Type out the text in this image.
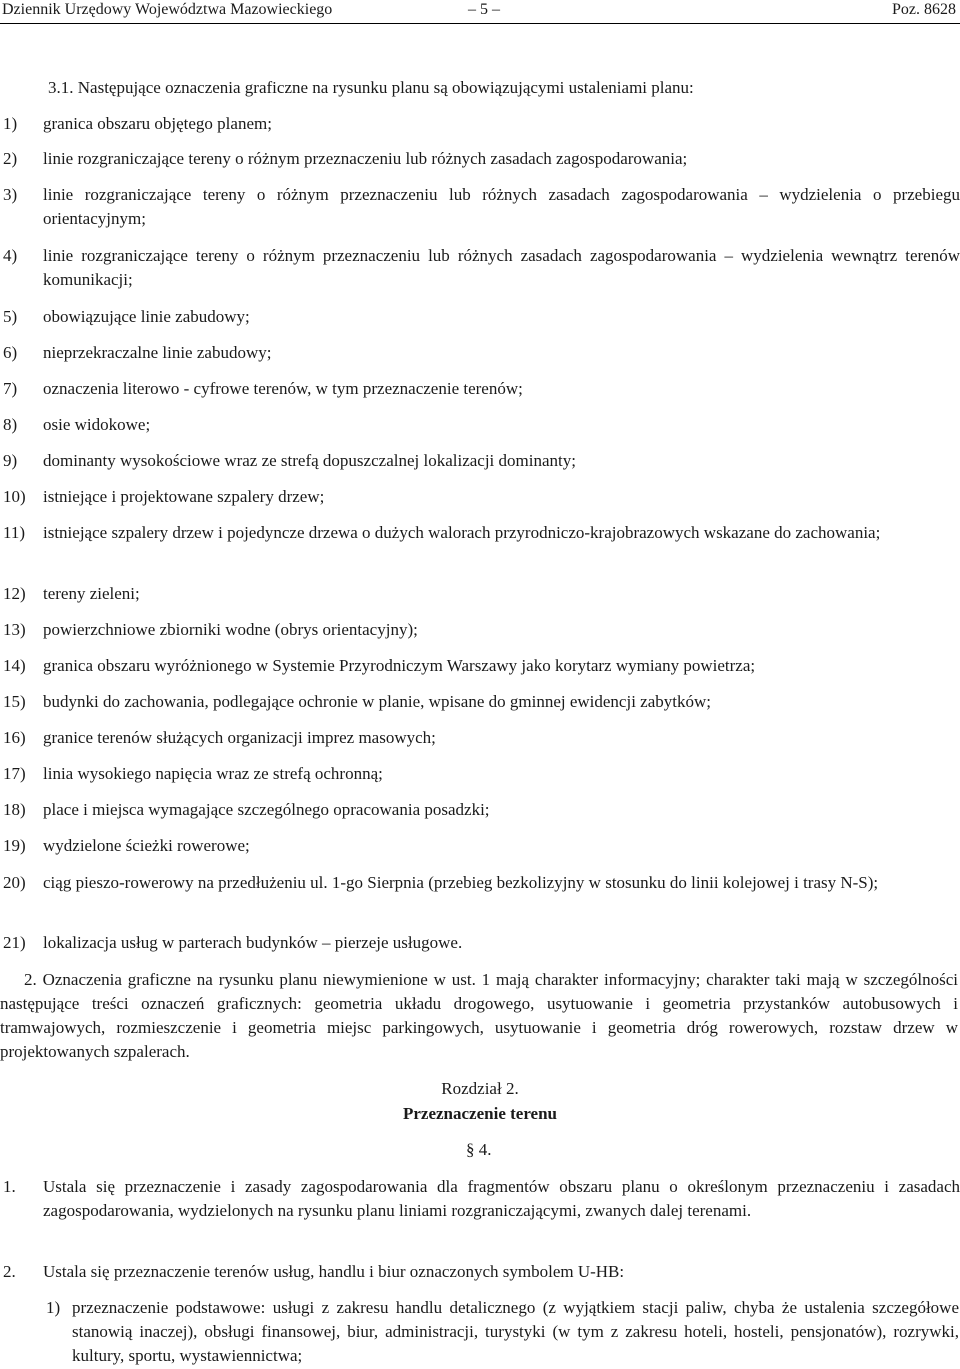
Dziennik Urzędowy Województwa Mazowieckiego	– 5 –	Poz. 8628
3.1. Następujące oznaczenia graficzne na rysunku planu są obowiązującymi ustaleniami planu:
1) granica obszaru objętego planem;
2) linie rozgraniczające tereny o różnym przeznaczeniu lub różnych zasadach zagospodarowania;
3) linie rozgraniczające tereny o różnym przeznaczeniu lub różnych zasadach zagospodarowania – wydzielenia o przebiegu orientacyjnym;
4) linie rozgraniczające tereny o różnym przeznaczeniu lub różnych zasadach zagospodarowania – wydzielenia wewnątrz terenów komunikacji;
5) obowiązujące linie zabudowy;
6) nieprzekraczalne linie zabudowy;
7) oznaczenia literowo - cyfrowe terenów, w tym przeznaczenie terenów;
8) osie widokowe;
9) dominanty wysokościowe wraz ze strefą dopuszczalnej lokalizacji dominanty;
10) istniejące i projektowane szpalery drzew;
11) istniejące szpalery drzew i pojedyncze drzewa o dużych walorach przyrodniczo-krajobrazowych wskazane do zachowania;
12) tereny zieleni;
13) powierzchniowe zbiorniki wodne (obrys orientacyjny);
14) granica obszaru wyróżnionego w Systemie Przyrodniczym Warszawy jako korytarz wymiany powietrza;
15) budynki do zachowania, podlegające ochronie w planie, wpisane do gminnej ewidencji zabytków;
16) granice terenów służących organizacji imprez masowych;
17) linia wysokiego napięcia wraz ze strefą ochronną;
18) place i miejsca wymagające szczególnego opracowania posadzki;
19) wydzielone ścieżki rowerowe;
20) ciąg pieszo-rowerowy na przedłużeniu ul. 1-go Sierpnia (przebieg bezkolizyjny w stosunku do linii kolejowej i trasy N-S);
21) lokalizacja usług w parterach budynków – pierzeje usługowe.
2. Oznaczenia graficzne na rysunku planu niewymienione w ust. 1 mają charakter informacyjny; charakter taki mają w szczególności następujące treści oznaczeń graficznych: geometria układu drogowego, usytuowanie i geometria przystanków autobusowych i tramwajowych, rozmieszczenie i geometria miejsc parkingowych, usytuowanie i geometria dróg rowerowych, rozstaw drzew w projektowanych szpalerach.
Rozdział 2.
Przeznaczenie terenu
§ 4.
1. Ustala się przeznaczenie i zasady zagospodarowania dla fragmentów obszaru planu o określonym przeznaczeniu i zasadach zagospodarowania, wydzielonych na rysunku planu liniami rozgraniczającymi, zwanych dalej terenami.
2. Ustala się przeznaczenie terenów usług, handlu i biur oznaczonych symbolem U-HB:
1) przeznaczenie podstawowe: usługi z zakresu handlu detalicznego (z wyjątkiem stacji paliw, chyba że ustalenia szczegółowe stanowią inaczej), obsługi finansowej, biur, administracji, turystyki (w tym z zakresu hoteli, hosteli, pensjonatów), rozrywki, kultury, sportu, wystawiennictwa;
